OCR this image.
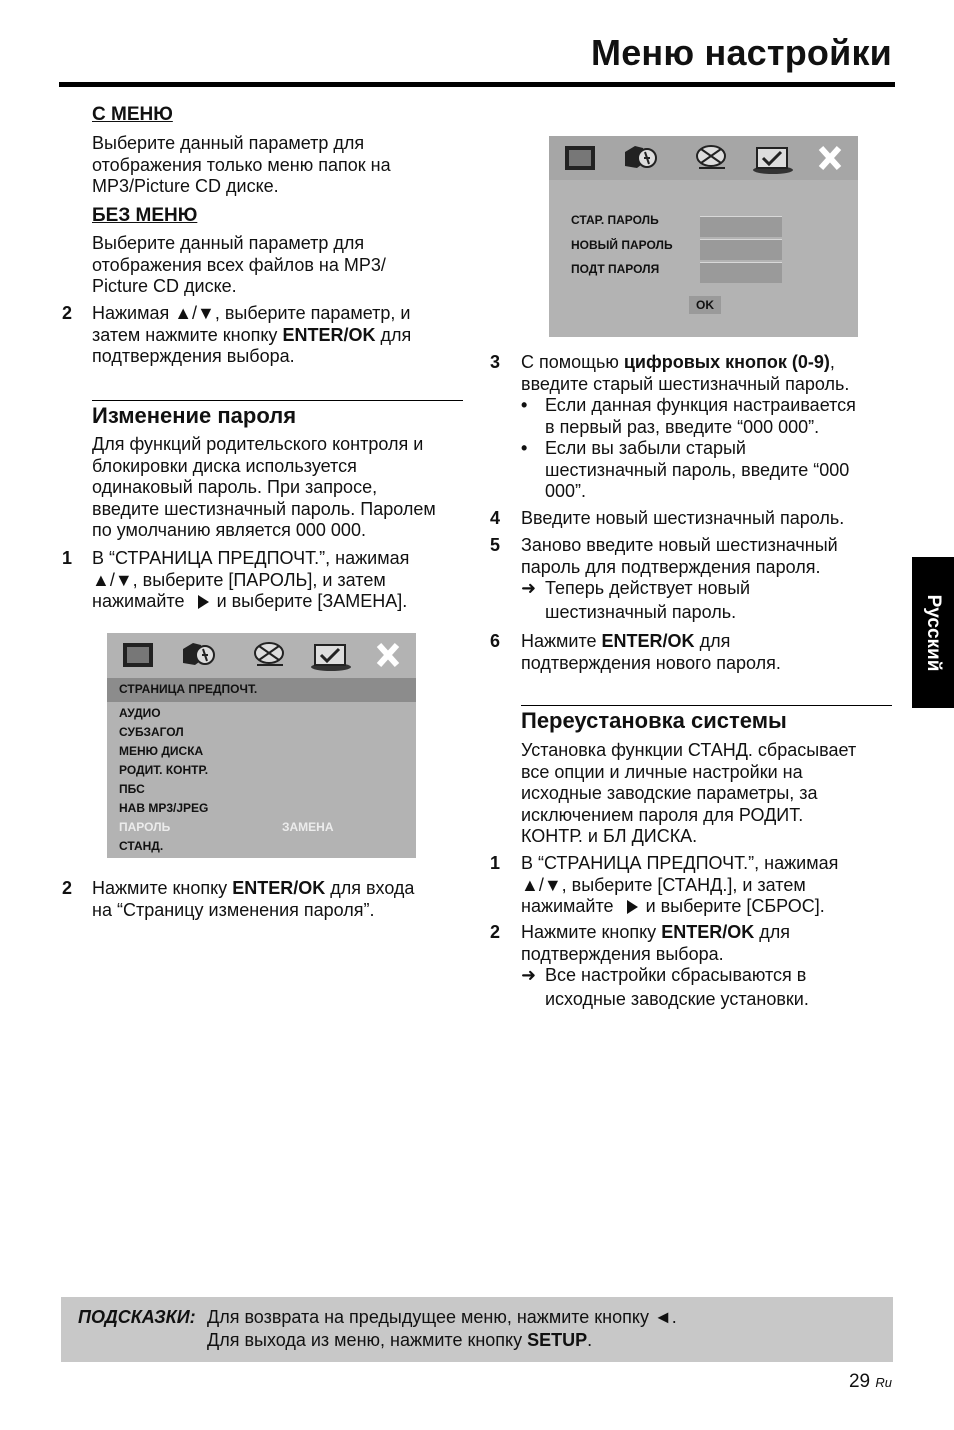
Меню настройки
С МЕНЮ
Выберите данный параметр для
отображения только меню папок на
MP3/Picture CD диске.
БЕЗ МЕНЮ
Выберите данный параметр для
отображения всех файлов на MP3/
Picture CD диске.
2 Нажимая ▲/▼, выберите параметр, и
затем нажмите кнопку ENTER/OK для
подтверждения выбора.
Изменение пароля
Для функций родительского контроля и
блокировки диска используется
одинаковый пароль. При запросе,
введите шестизначный пароль. Паролем
по умолчанию является 000 000.
1 В “СТРАНИЦА ПРЕДПОЧТ.”, нажимая
▲/▼, выберите [ПАРОЛЬ], и затем
нажимайте и выберите [ЗАМЕНА].
СТРАНИЦА ПРЕДПОЧТ.
АУДИО
СУБЗАГОЛ
МЕНЮ ДИСКА
РОДИТ. КОНТР.
ПБС
НАВ MP3/JPEG
ПАРОЛЬ	ЗАМЕНА
СТАНД.
2 Нажмите кнопку ENTER/OK для входа
на “Страницу изменения пароля”.
СТАР. ПАРОЛЬ
НОВЫЙ ПАРОЛЬ
ПОДТ ПАРОЛЯ
OK
3 С помощью цифровых кнопок (0-9),
введите старый шестизначный пароль.
• Если данная функция настраивается
в первый раз, введите “000 000”.
• Если вы забыли старый
шестизначный пароль, введите “000
000”.
4 Введите новый шестизначный пароль.
5 Заново введите новый шестизначный
пароль для подтверждения пароля.
➜ Теперь действует новый
шестизначный пароль.
6 Нажмите ENTER/OK для
подтверждения нового пароля.
Переустановка системы
Установка функции СТАНД. сбрасывает
все опции и личные настройки на
исходные заводские параметры, за
исключением пароля для РОДИТ.
КОНТР. и БЛ ДИСКА.
1 В “СТРАНИЦА ПРЕДПОЧТ.”, нажимая
▲/▼, выберите [СТАНД.], и затем
нажимайте и выберите [СБРОС].
2 Нажмите кнопку ENTER/OK для
подтверждения выбора.
➜ Все настройки сбрасываются в
исходные заводские установки.
Русский
ПОДСКАЗКИ: Для возврата на предыдущее меню, нажмите кнопку ◄.
Для выхода из меню, нажмите кнопку SETUP.
29 Ru
